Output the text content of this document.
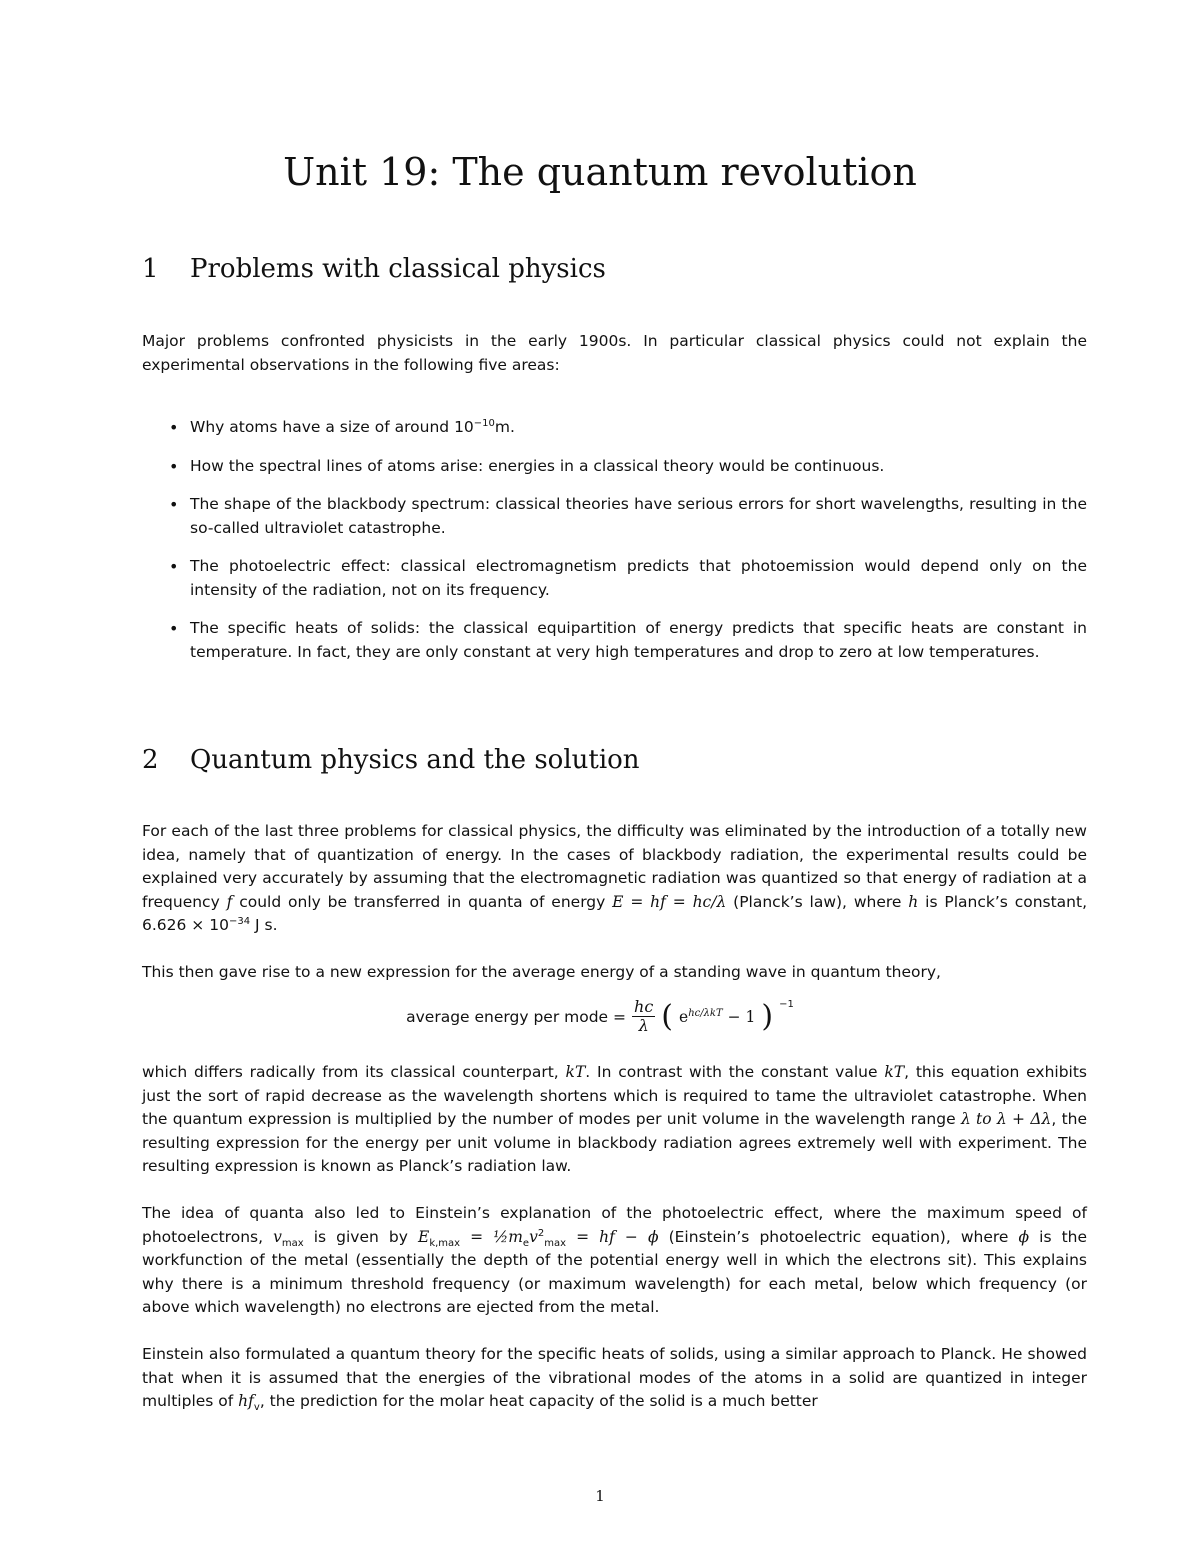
Unit 19: The quantum revolution
1 Problems with classical physics

Major problems confronted physicists in the early 1900s. In particular classical physics could not explain the experimental observations in the following five areas:

• Why atoms have a size of around $10^{-10}m$.
• How the spectral lines of atoms arise: energies in a classical theory would be continuous.
• The shape of the blackbody spectrum: classical theories have serious errors for short wavelengths, resulting in the so-called ultraviolet catastrophe.
• The photoelectric effect: classical electromagnetism predicts that photoemission would depend only on the intensity of the radiation, not on its frequency.
• The specific heats of solids: the classical equipartition of energy predicts that specific heats are constant in temperature. In fact, they are only constant at very high temperatures and drop to zero at low temperatures.
2 Quantum physics and the solution

For each of the last three problems for classical physics, the difficulty was eliminated by the introduction of a totally new idea, namely that of quantization of energy. In the cases of blackbody radiation, the experimental results could be explained very accurately by assuming that the electromagnetic radiation was quantized so that energy of radiation at a frequency f could only be transferred in quanta of energy E = hf = hc/λ (Planck’s law), where h is Planck’s constant, $6.626 \times 10^{-34}$ J s.

This then gave rise to a new expression for the average energy of a standing wave in quantum theory,

average energy per mode = $\frac{hc}{\lambda}$ ( $e^{hc/\lambda kT} - 1$ ) $^{-1}$

which differs radically from its classical counterpart, kT. In contrast with the constant value kT, this equation exhibits just the sort of rapid decrease as the wavelength shortens which is required to tame the ultraviolet catastrophe. When the quantum expression is multiplied by the number of modes per unit volume in the wavelength range λ to λ + Δλ, the resulting expression for the energy per unit volume in blackbody radiation agrees extremely well with experiment. The resulting expression is known as Planck’s radiation law.

The idea of quanta also led to Einstein’s explanation of the photoelectric effect, where the maximum speed of photoelectrons, $v_{max}$ is given by $E_{k,max}$ = $\frac{1}{2}m_ev^2_{max}$ = hf − ϕ (Einstein’s photoelectric equation), where ϕ is the workfunction of the metal (essentially the depth of the potential energy well in which the electrons sit). This explains why there is a minimum threshold frequency (or maximum wavelength) for each metal, below which frequency (or above which wavelength) no electrons are ejected from the metal.

Einstein also formulated a quantum theory for the specific heats of solids, using a similar approach to Planck. He showed that when it is assumed that the energies of the vibrational modes of the atoms in a solid are quantized in integer multiples of $hf_v$, the prediction for the molar heat capacity of the solid is a much better

1
